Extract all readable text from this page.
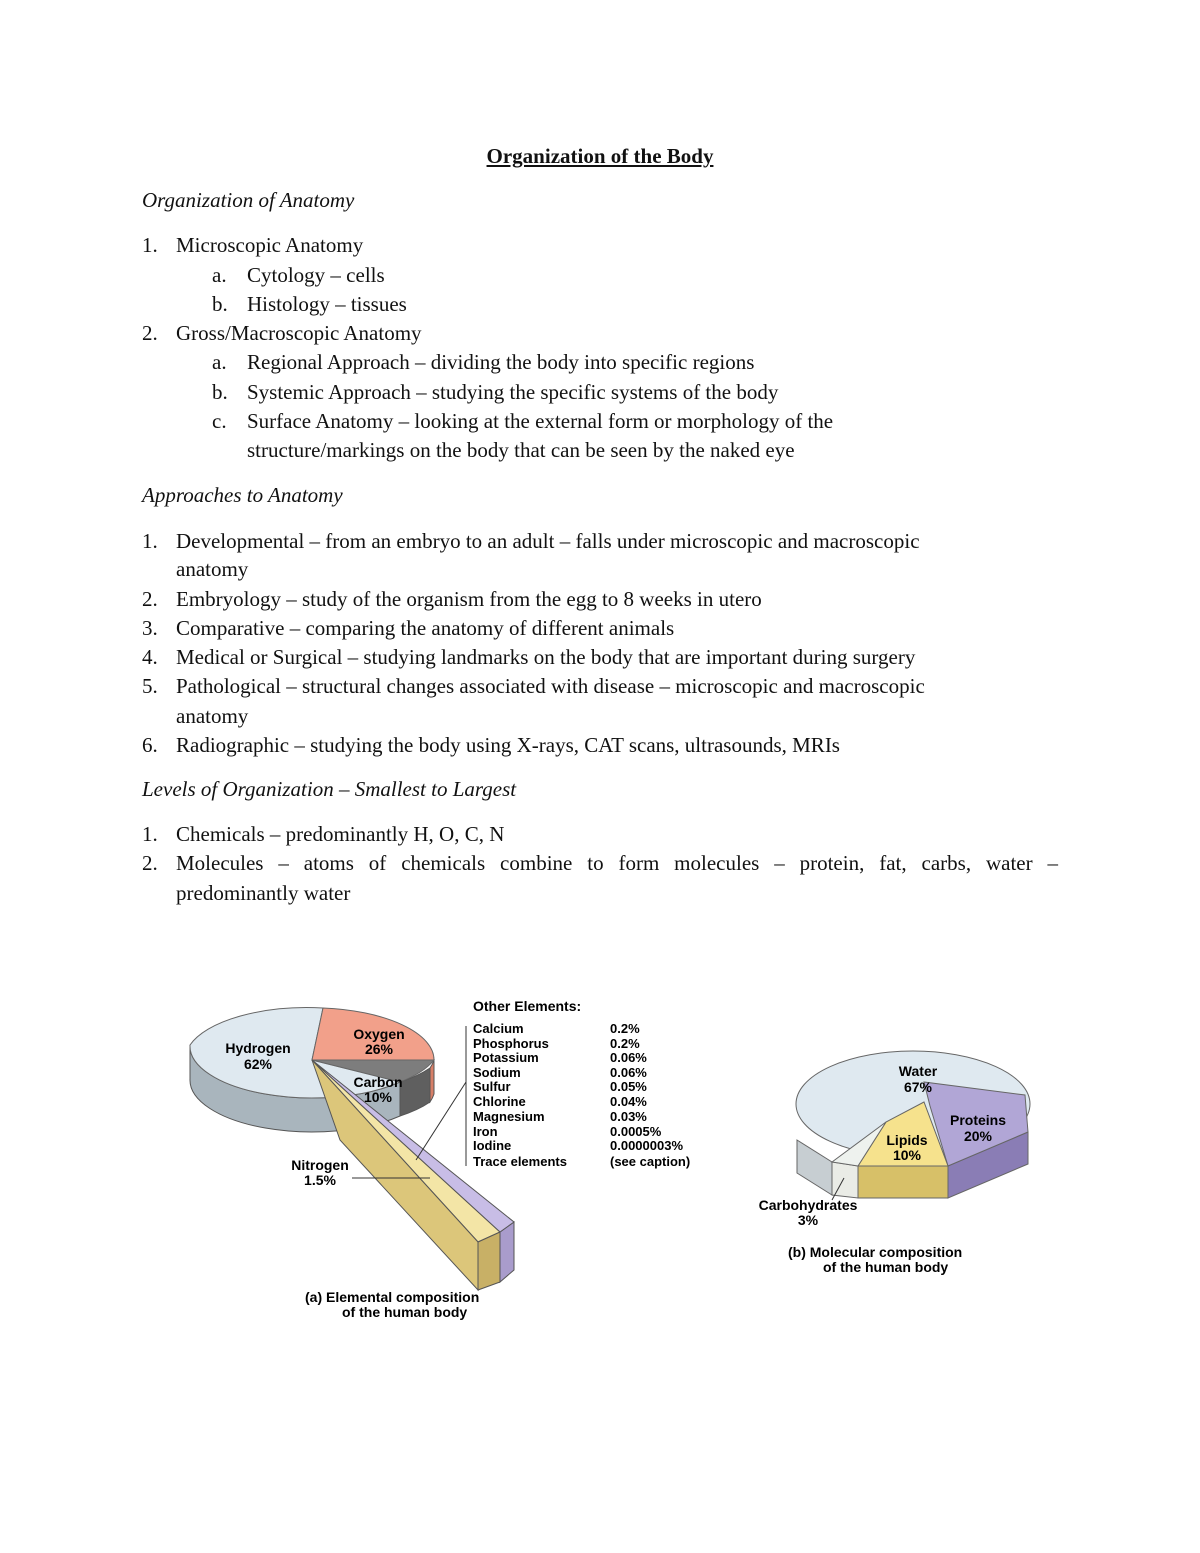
Organization of the Body
Organization of Anatomy
1. Microscopic Anatomy
a. Cytology – cells
b. Histology – tissues
2. Gross/Macroscopic Anatomy
a. Regional Approach – dividing the body into specific regions
b. Systemic Approach – studying the specific systems of the body
c. Surface Anatomy – looking at the external form or morphology of the
structure/markings on the body that can be seen by the naked eye
Approaches to Anatomy
1. Developmental – from an embryo to an adult – falls under microscopic and macroscopic
anatomy
2. Embryology – study of the organism from the egg to 8 weeks in utero
3. Comparative – comparing the anatomy of different animals
4. Medical or Surgical – studying landmarks on the body that are important during surgery
5. Pathological – structural changes associated with disease – microscopic and macroscopic
anatomy
6. Radiographic – studying the body using X-rays, CAT scans, ultrasounds, MRIs
Levels of Organization – Smallest to Largest
1. Chemicals – predominantly H, O, C, N
2. Molecules – atoms of chemicals combine to form molecules – protein, fat, carbs, water –
predominantly water
Hydrogen
62%
Oxygen
26%
Carbon
10%
Nitrogen
1.5%
Other Elements:
Calcium	0.2%
Phosphorus	0.2%
Potassium	0.06%
Sodium	0.06%
Sulfur	0.05%
Chlorine	0.04%
Magnesium	0.03%
Iron	0.0005%
Iodine	0.0000003%
Trace elements	(see caption)
(a) Elemental composition
of the human body
Water
67%
Proteins
20%
Lipids
10%
Carbohydrates
3%
(b) Molecular composition
of the human body
